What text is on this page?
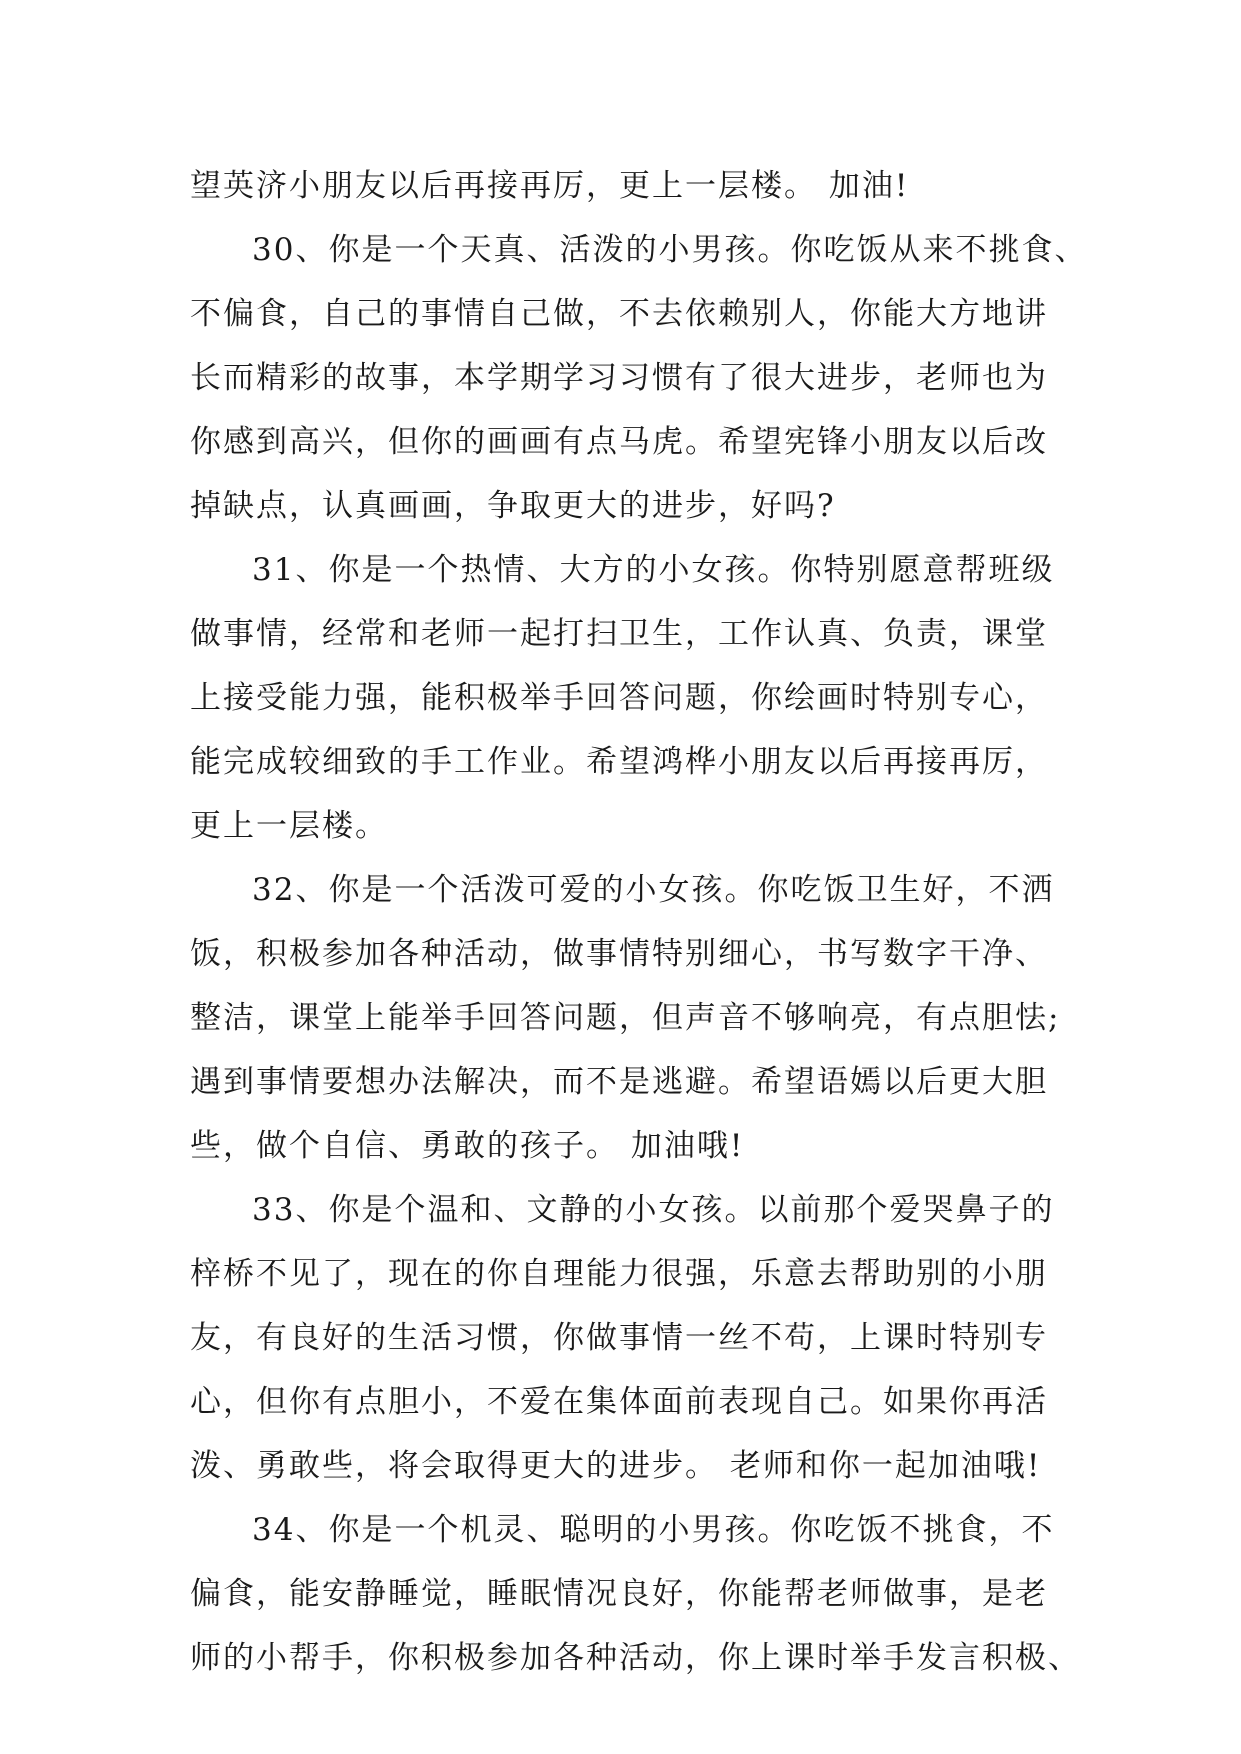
望英济小朋友以后再接再厉，更上一层楼。 加油!
30、你是一个天真、活泼的小男孩。你吃饭从来不挑食、
不偏食，自己的事情自己做，不去依赖别人，你能大方地讲
长而精彩的故事，本学期学习习惯有了很大进步，老师也为
你感到高兴，但你的画画有点马虎。希望宪锋小朋友以后改
掉缺点，认真画画，争取更大的进步，好吗?
31、你是一个热情、大方的小女孩。你特别愿意帮班级
做事情，经常和老师一起打扫卫生，工作认真、负责，课堂
上接受能力强，能积极举手回答问题，你绘画时特别专心，
能完成较细致的手工作业。希望鸿桦小朋友以后再接再厉，
更上一层楼。
32、你是一个活泼可爱的小女孩。你吃饭卫生好，不洒
饭，积极参加各种活动，做事情特别细心，书写数字干净、
整洁，课堂上能举手回答问题，但声音不够响亮，有点胆怯;
遇到事情要想办法解决，而不是逃避。希望语嫣以后更大胆
些，做个自信、勇敢的孩子。 加油哦!
33、你是个温和、文静的小女孩。以前那个爱哭鼻子的
梓桥不见了，现在的你自理能力很强，乐意去帮助别的小朋
友，有良好的生活习惯，你做事情一丝不苟，上课时特别专
心，但你有点胆小，不爱在集体面前表现自己。如果你再活
泼、勇敢些，将会取得更大的进步。 老师和你一起加油哦!
34、你是一个机灵、聪明的小男孩。你吃饭不挑食，不
偏食，能安静睡觉，睡眠情况良好，你能帮老师做事，是老
师的小帮手，你积极参加各种活动，你上课时举手发言积极、
